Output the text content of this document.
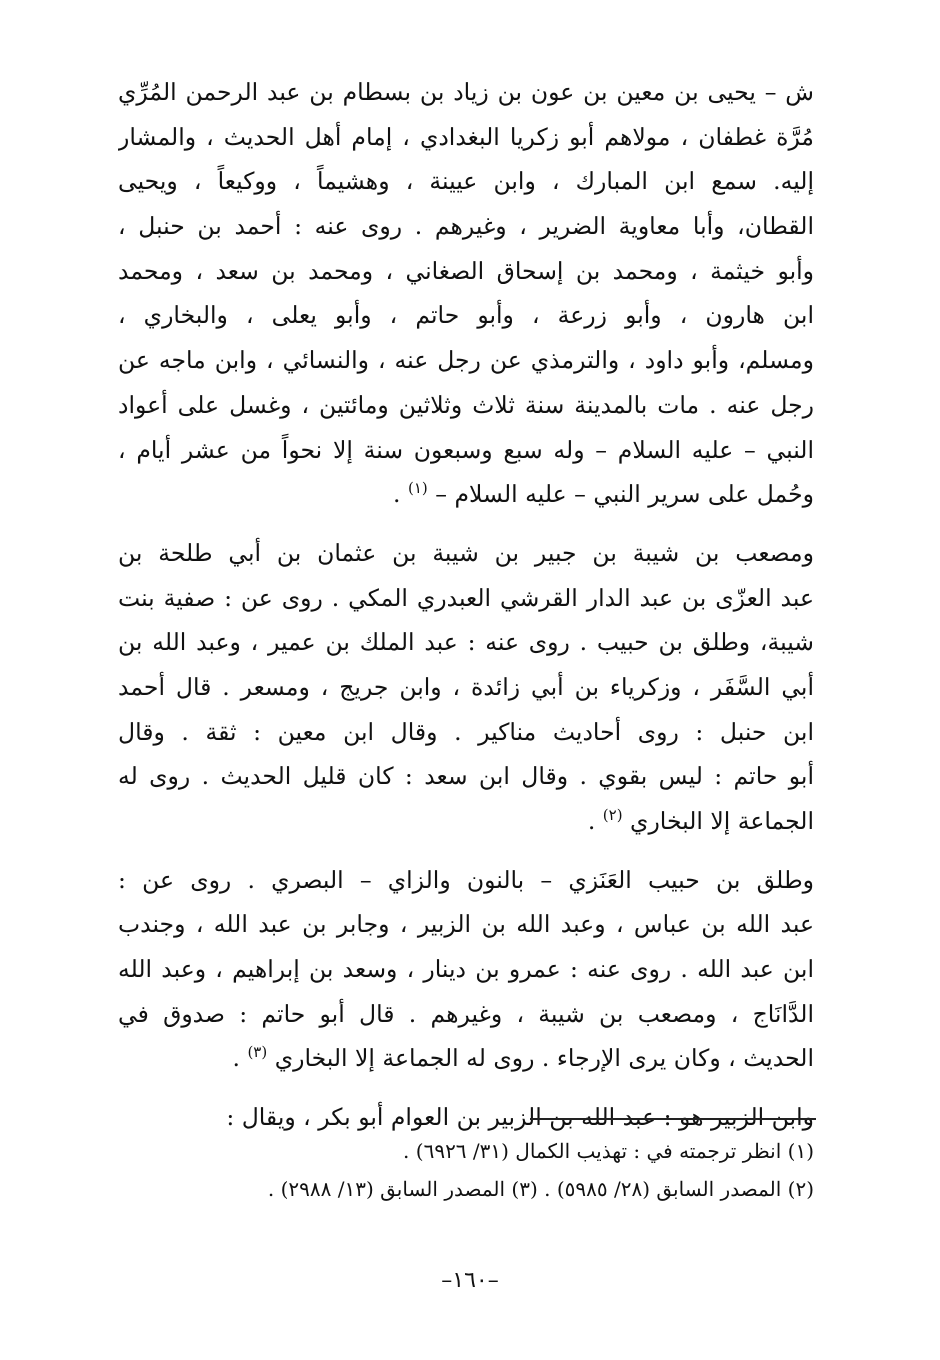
ش – يحيى بن معين بن عون بن زياد بن بسطام بن عبد الرحمن المُرِّي
مُرَّة غطفان ، مولاهم أبو زكريا البغدادي ، إمام أهل الحديث ، والمشار
إليه. سمع ابن المبارك ، وابن عيينة ، وهشيماً ، ووكيعاً ، ويحيى
القطان، وأبا معاوية الضرير ، وغيرهم . روى عنه : أحمد بن حنبل ،
وأبو خيثمة ، ومحمد بن إسحاق الصغاني ، ومحمد بن سعد ، ومحمد
ابن هارون ، وأبو زرعة ، وأبو حاتم ، وأبو يعلى ، والبخاري ،
ومسلم، وأبو داود ، والترمذي عن رجل عنه ، والنسائي ، وابن ماجه عن
رجل عنه . مات بالمدينة سنة ثلاث وثلاثين ومائتين ، وغسل على أعواد
النبي – عليه السلام – وله سبع وسبعون سنة إلا نحواً من عشر أيام ،
وحُمل على سرير النبي – عليه السلام – $^{(١)}$ .
ومصعب بن شيبة بن جبير بن شيبة بن عثمان بن أبي طلحة بن
عبد العزّى بن عبد الدار القرشي العبدري المكي . روى عن : صفية بنت
شيبة، وطلق بن حبيب . روى عنه : عبد الملك بن عمير ، وعبد الله بن
أبي السَّفَر ، وزكرياء بن أبي زائدة ، وابن جريج ، ومسعر . قال أحمد
ابن حنبل : روى أحاديث مناكير . وقال ابن معين : ثقة . وقال
أبو حاتم : ليس بقوي . وقال ابن سعد : كان قليل الحديث . روى له
الجماعة إلا البخاري $^{(٢)}$ .
وطلق بن حبيب العَنَزي – بالنون والزاي – البصري . روى عن :
عبد الله بن عباس ، وعبد الله بن الزبير ، وجابر بن عبد الله ، وجندب
ابن عبد الله . روى عنه : عمرو بن دينار ، وسعد بن إبراهيم ، وعبد الله
الدَّانَاج ، ومصعب بن شيبة ، وغيرهم . قال أبو حاتم : صدوق في
الحديث ، وكان يرى الإرجاء . روى له الجماعة إلا البخاري $^{(٣)}$ .
وابن الزبير هو : عبد الله بن الزبير بن العوام أبو بكر ، ويقال :
(١) انظر ترجمته في : تهذيب الكمال (٣١/ ٦٩٢٦) .
(٢) المصدر السابق (٢٨/ ٥٩٨٥) . (٣) المصدر السابق (١٣/ ٢٩٨٨) .
–١٦٠–
